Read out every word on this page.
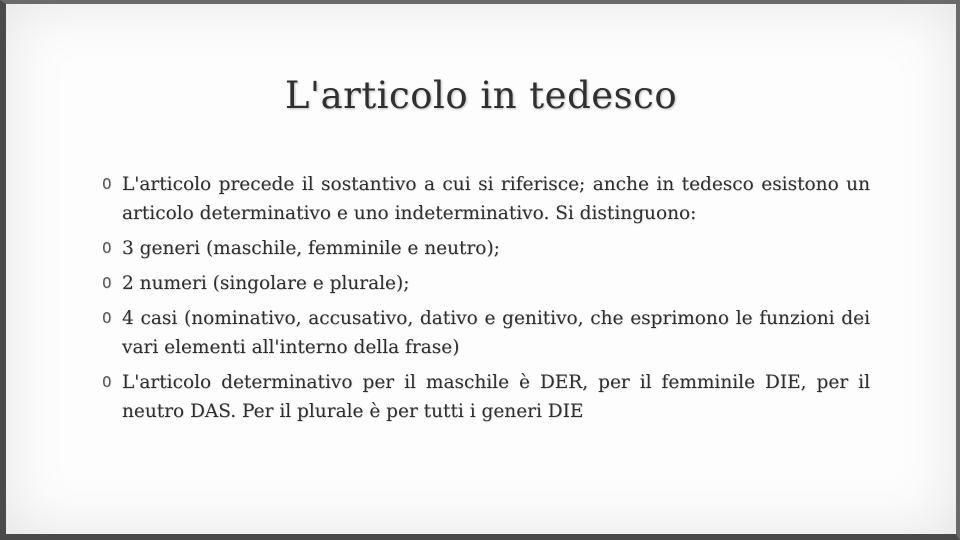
L'articolo in tedesco
0 L'articolo precede il sostantivo a cui si riferisce; anche in tedesco esistono un articolo determinativo e uno indeterminativo. Si distinguono:
0 3 generi (maschile, femminile e neutro);
0 2 numeri (singolare e plurale);
0 4 casi (nominativo, accusativo, dativo e genitivo, che esprimono le funzioni dei vari elementi all'interno della frase)
0 L'articolo determinativo per il maschile è DER, per il femminile DIE, per il neutro DAS. Per il plurale è per tutti i generi DIE
